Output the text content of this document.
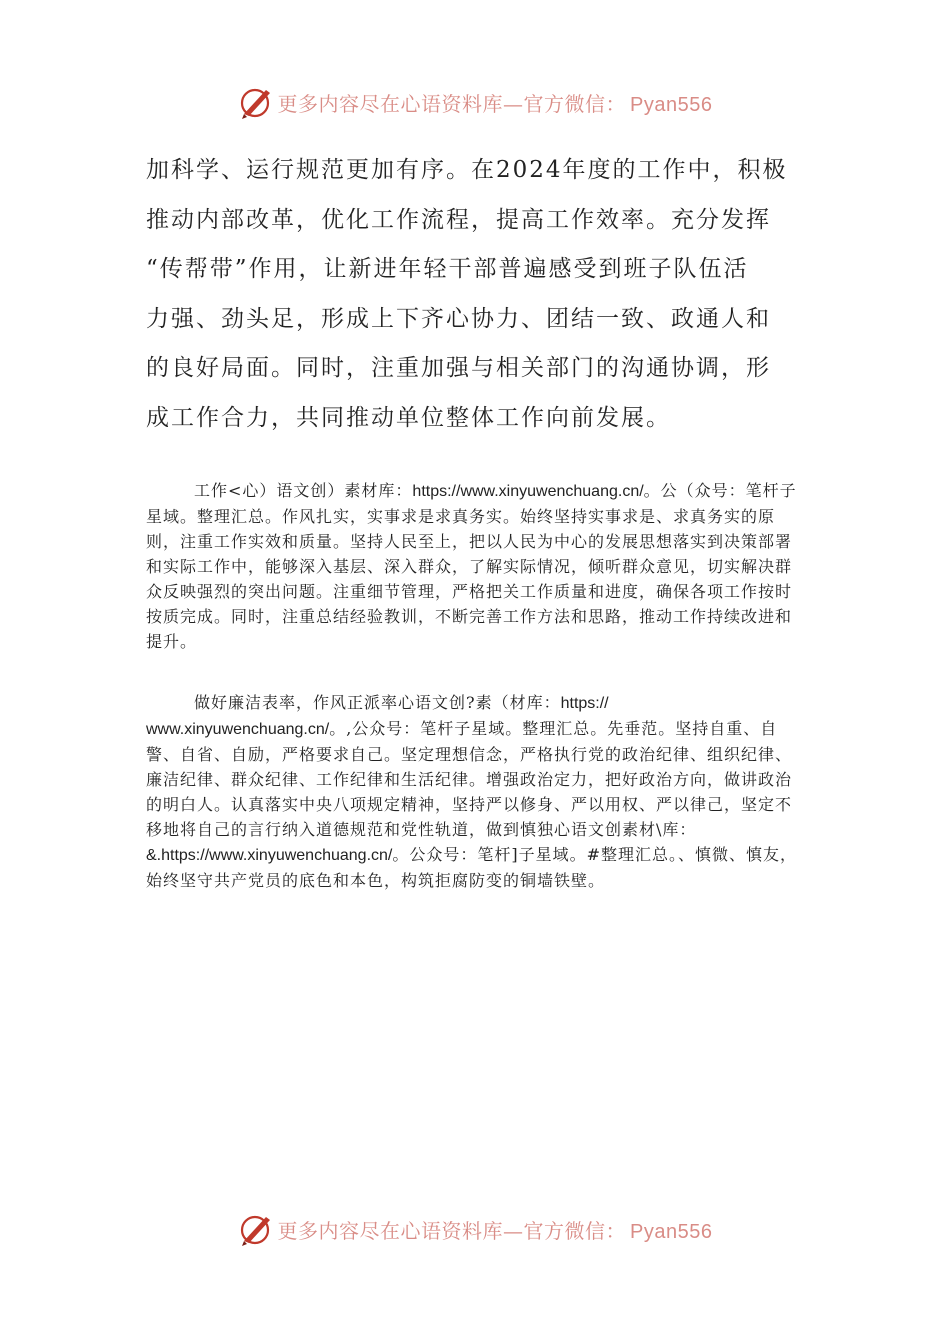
更多内容尽在心语资料库—官方微信： Pyan556

加科学、运行规范更加有序。在2024年度的工作中，积极

推动内部改革，优化工作流程，提高工作效率。充分发挥

“传帮带”作用，让新进年轻干部普遍感受到班子队伍活

力强、劲头足，形成上下齐心协力、团结一致、政通人和

的良好局面。同时，注重加强与相关部门的沟通协调，形

成工作合力，共同推动单位整体工作向前发展。

工作<心）语文创）素材库：https://www.xinyuwenchuang.cn/。公（众号：笔杆子星域。整理汇总。作风扎实，实事求是求真务实。始终坚持实事求是、求真务实的原则，注重工作实效和质量。坚持人民至上，把以人民为中心的发展思想落实到决策部署和实际工作中，能够深入基层、深入群众，了解实际情况，倾听群众意见，切实解决群众反映强烈的突出问题。注重细节管理，严格把关工作质量和进度，确保各项工作按时按质完成。同时，注重总结经验教训，不断完善工作方法和思路，推动工作持续改进和提升。

做好廉洁表率，作风正派率心语文创?素（材库：https:// www.xinyuwenchuang.cn/。,公众号：笔杆子星域。整理汇总。先垂范。坚持自重、自警、自省、自励，严格要求自己。坚定理想信念，严格执行党的政治纪律、组织纪律、廉洁纪律、群众纪律、工作纪律和生活纪律。增强政治定力，把好政治方向，做讲政治的明白人。认真落实中央八项规定精神，坚持严以修身、严以用权、严以律己，坚定不移地将自己的言行纳入道德规范和党性轨道，做到慎独心语文创素材\库：&.https://www.xinyuwenchuang.cn/。公众号：笔杆]子星域。#整理汇总。、慎微、慎友，始终坚守共产党员的底色和本色，构筑拒腐防变的铜墙铁壁。

更多内容尽在心语资料库—官方微信： Pyan556
